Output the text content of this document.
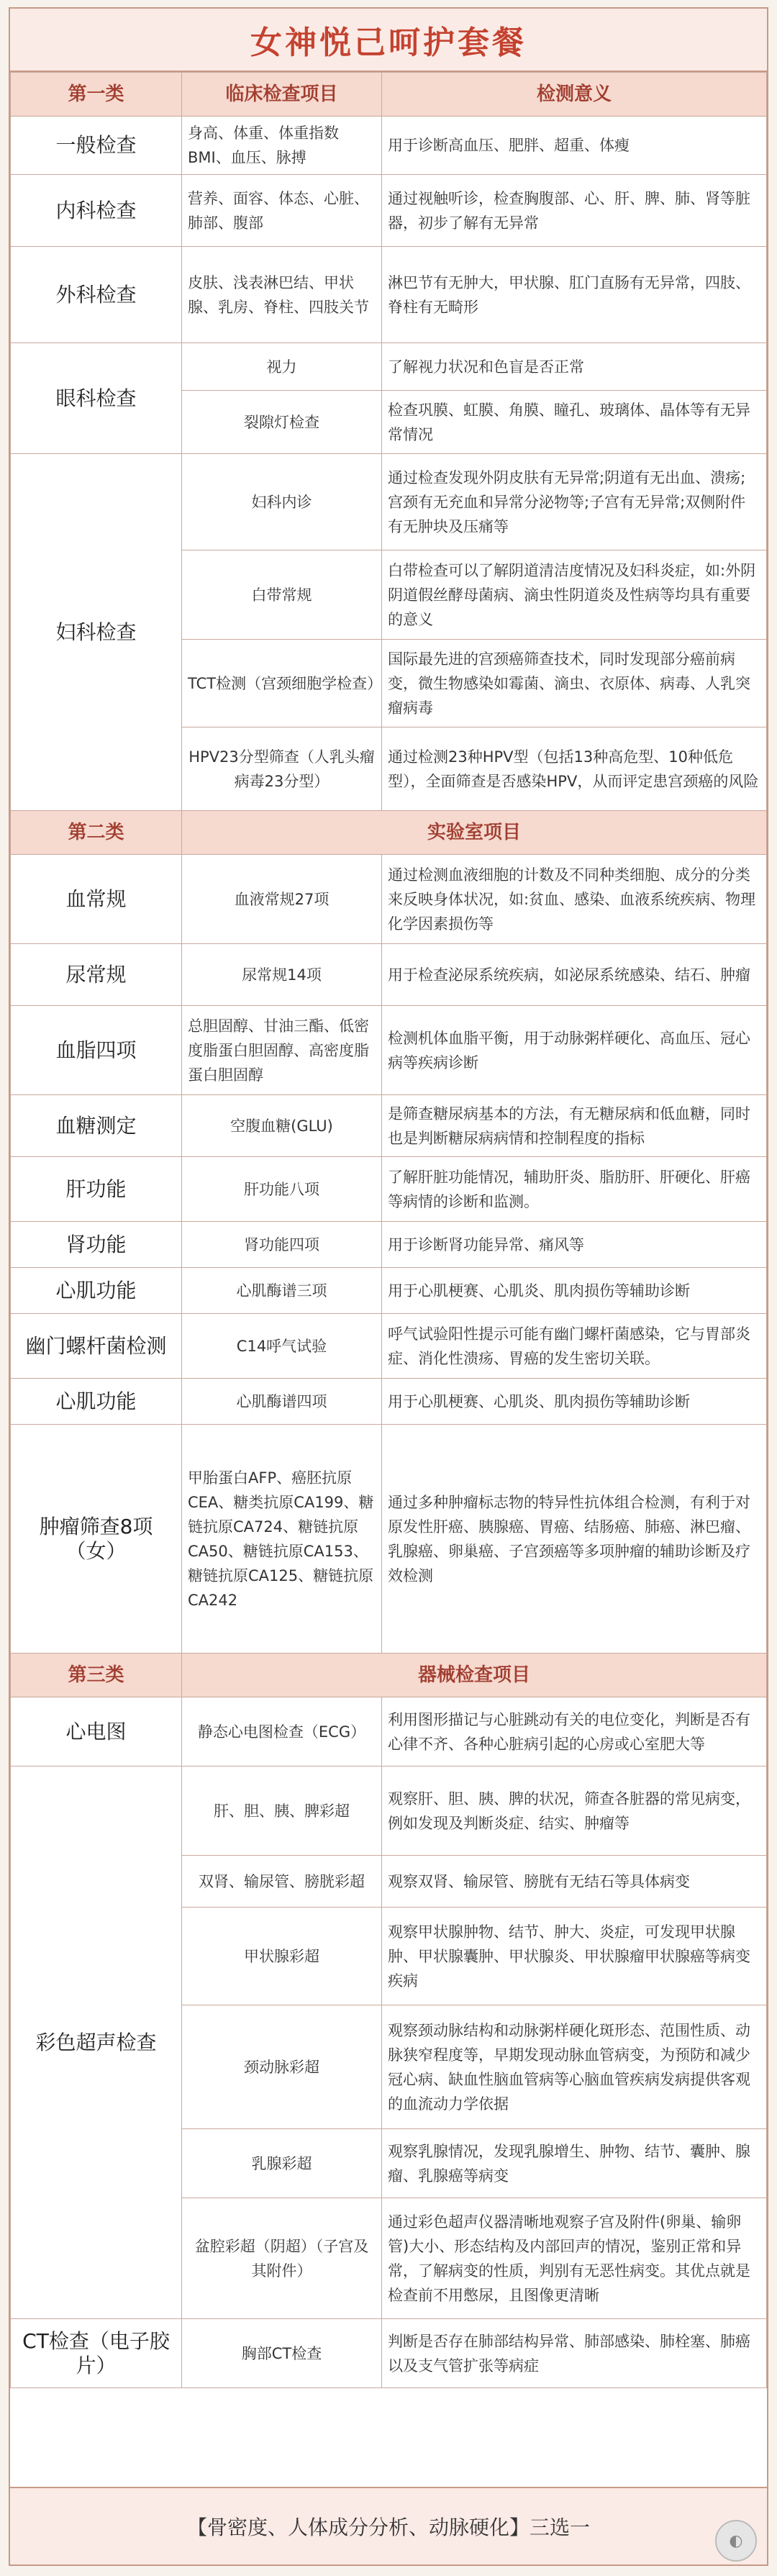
女神悦己呵护套餐
第一类	临床检查项目	检测意义
一般检查	身高、体重、体重指数BMI、血压、脉搏	用于诊断高血压、肥胖、超重、体瘦
内科检查	营养、面容、体态、心脏、肺部、腹部	通过视触听诊，检查胸腹部、心、肝、脾、肺、肾等脏器，初步了解有无异常
外科检查	皮肤、浅表淋巴结、甲状腺、乳房、脊柱、四肢关节	淋巴节有无肿大，甲状腺、肛门直肠有无异常，四肢、脊柱有无畸形
眼科检查	视力	了解视力状况和色盲是否正常
	裂隙灯检查	检查巩膜、虹膜、角膜、瞳孔、玻璃体、晶体等有无异常情况
妇科检查	妇科内诊	通过检查发现外阴皮肤有无异常;阴道有无出血、溃疡;宫颈有无充血和异常分泌物等;子宫有无异常;双侧附件有无肿块及压痛等
	白带常规	白带检查可以了解阴道清洁度情况及妇科炎症，如:外阴阴道假丝酵母菌病、滴虫性阴道炎及性病等均具有重要的意义
	TCT检测（宫颈细胞学检查）	国际最先进的宫颈癌筛查技术，同时发现部分癌前病变，微生物感染如霉菌、滴虫、衣原体、病毒、人乳突瘤病毒
	HPV23分型筛查（人乳头瘤病毒23分型）	通过检测23种HPV型（包括13种高危型、10种低危型），全面筛查是否感染HPV，从而评定患宫颈癌的风险
第二类	实验室项目	
血常规	血液常规27项	通过检测血液细胞的计数及不同种类细胞、成分的分类来反映身体状况，如:贫血、感染、血液系统疾病、物理化学因素损伤等
尿常规	尿常规14项	用于检查泌尿系统疾病，如泌尿系统感染、结石、肿瘤
血脂四项	总胆固醇、甘油三酯、低密度脂蛋白胆固醇、高密度脂蛋白胆固醇	检测机体血脂平衡，用于动脉粥样硬化、高血压、冠心病等疾病诊断
血糖测定	空腹血糖(GLU)	是筛查糖尿病基本的方法，有无糖尿病和低血糖，同时也是判断糖尿病病情和控制程度的指标
肝功能	肝功能八项	了解肝脏功能情况，辅助肝炎、脂肪肝、肝硬化、肝癌等病情的诊断和监测。
肾功能	肾功能四项	用于诊断肾功能异常、痛风等
心肌功能	心肌酶谱三项	用于心肌梗赛、心肌炎、肌肉损伤等辅助诊断
幽门螺杆菌检测	C14呼气试验	呼气试验阳性提示可能有幽门螺杆菌感染，它与胃部炎症、消化性溃疡、胃癌的发生密切关联。
心肌功能	心肌酶谱四项	用于心肌梗赛、心肌炎、肌肉损伤等辅助诊断
肿瘤筛查8项（女）	甲胎蛋白AFP、癌胚抗原CEA、糖类抗原CA199、糖链抗原CA724、糖链抗原CA50、糖链抗原CA153、糖链抗原CA125、糖链抗原CA242	通过多种肿瘤标志物的特异性抗体组合检测，有利于对原发性肝癌、胰腺癌、胃癌、结肠癌、肺癌、淋巴瘤、乳腺癌、卵巢癌、子宫颈癌等多项肿瘤的辅助诊断及疗效检测
第三类	器械检查项目	
心电图	静态心电图检查（ECG）	利用图形描记与心脏跳动有关的电位变化，判断是否有心律不齐、各种心脏病引起的心房或心室肥大等
彩色超声检查	肝、胆、胰、脾彩超	观察肝、胆、胰、脾的状况，筛查各脏器的常见病变，例如发现及判断炎症、结实、肿瘤等
	双肾、输尿管、膀胱彩超	观察双肾、输尿管、膀胱有无结石等具体病变
	甲状腺彩超	观察甲状腺肿物、结节、肿大、炎症，可发现甲状腺肿、甲状腺囊肿、甲状腺炎、甲状腺瘤甲状腺癌等病变疾病
	颈动脉彩超	观察颈动脉结构和动脉粥样硬化斑形态、范围性质、动脉狭窄程度等，早期发现动脉血管病变，为预防和减少冠心病、缺血性脑血管病等心脑血管疾病发病提供客观的血流动力学依据
	乳腺彩超	观察乳腺情况，发现乳腺增生、肿物、结节、囊肿、腺瘤、乳腺癌等病变
	盆腔彩超（阴超）（子宫及其附件）	通过彩色超声仪器清晰地观察子宫及附件(卵巢、输卵管)大小、形态结构及内部回声的情况，鉴别正常和异常，了解病变的性质，判别有无恶性病变。其优点就是检查前不用憋尿，且图像更清晰
CT检查（电子胶片）	胸部CT检查	判断是否存在肺部结构异常、肺部感染、肺栓塞、肺癌以及支气管扩张等病症
【骨密度、人体成分分析、动脉硬化】三选一
◐
